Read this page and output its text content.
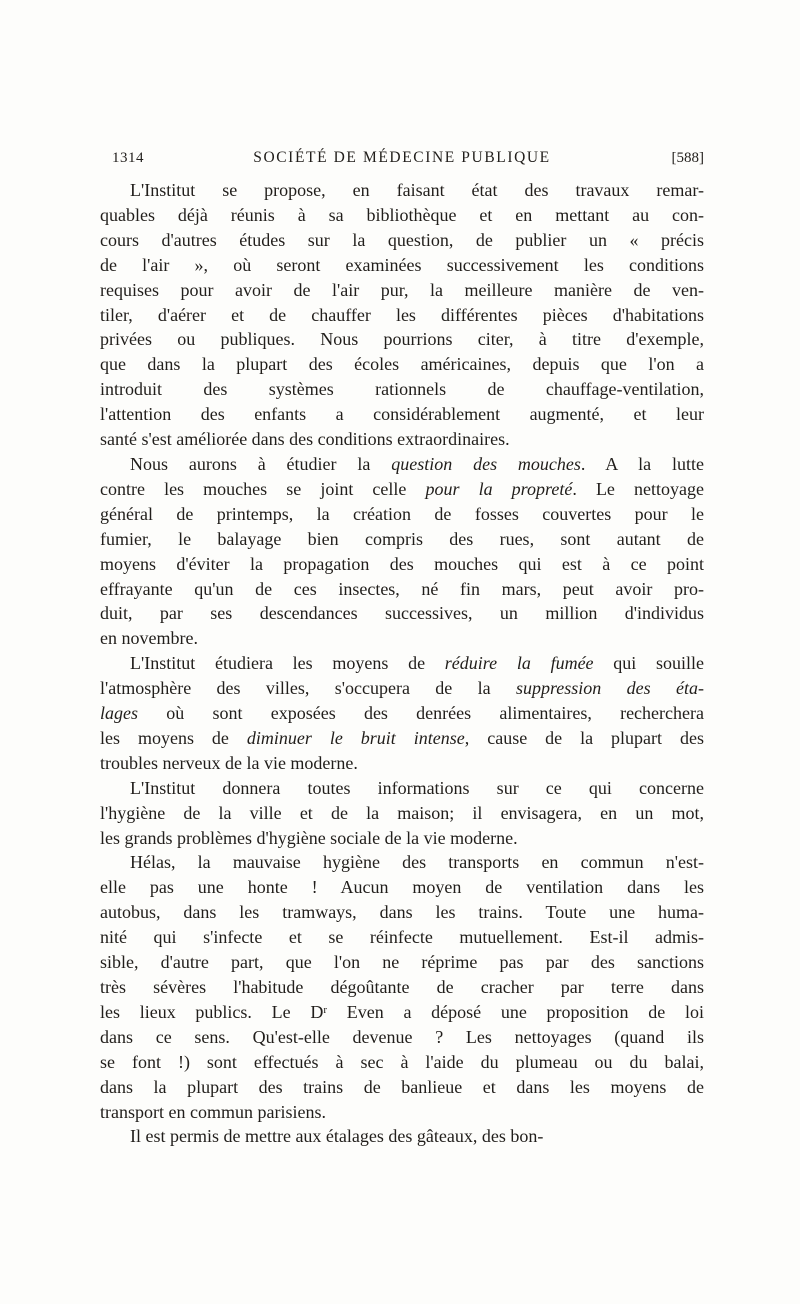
1314	SOCIÉTÉ DE MÉDECINE PUBLIQUE	[588]
L'Institut se propose, en faisant état des travaux remar-
quables déjà réunis à sa bibliothèque et en mettant au con-
cours d'autres études sur la question, de publier un « précis
de l'air », où seront examinées successivement les conditions
requises pour avoir de l'air pur, la meilleure manière de ven-
tiler, d'aérer et de chauffer les différentes pièces d'habitations
privées ou publiques. Nous pourrions citer, à titre d'exemple,
que dans la plupart des écoles américaines, depuis que l'on a
introduit des systèmes rationnels de chauffage-ventilation,
l'attention des enfants a considérablement augmenté, et leur
santé s'est améliorée dans des conditions extraordinaires.
Nous aurons à étudier la question des mouches. A la lutte
contre les mouches se joint celle pour la propreté. Le nettoyage
général de printemps, la création de fosses couvertes pour le
fumier, le balayage bien compris des rues, sont autant de
moyens d'éviter la propagation des mouches qui est à ce point
effrayante qu'un de ces insectes, né fin mars, peut avoir pro-
duit, par ses descendances successives, un million d'individus
en novembre.
L'Institut étudiera les moyens de réduire la fumée qui souille
l'atmosphère des villes, s'occupera de la suppression des éta-
lages où sont exposées des denrées alimentaires, recherchera
les moyens de diminuer le bruit intense, cause de la plupart des
troubles nerveux de la vie moderne.
L'Institut donnera toutes informations sur ce qui concerne
l'hygiène de la ville et de la maison; il envisagera, en un mot,
les grands problèmes d'hygiène sociale de la vie moderne.
Hélas, la mauvaise hygiène des transports en commun n'est-
elle pas une honte ! Aucun moyen de ventilation dans les
autobus, dans les tramways, dans les trains. Toute une huma-
nité qui s'infecte et se réinfecte mutuellement. Est-il admis-
sible, d'autre part, que l'on ne réprime pas par des sanctions
très sévères l'habitude dégoûtante de cracher par terre dans
les lieux publics. Le $D^r$ Even a déposé une proposition de loi
dans ce sens. Qu'est-elle devenue ? Les nettoyages (quand ils
se font !) sont effectués à sec à l'aide du plumeau ou du balai,
dans la plupart des trains de banlieue et dans les moyens de
transport en commun parisiens.
Il est permis de mettre aux étalages des gâteaux, des bon-
